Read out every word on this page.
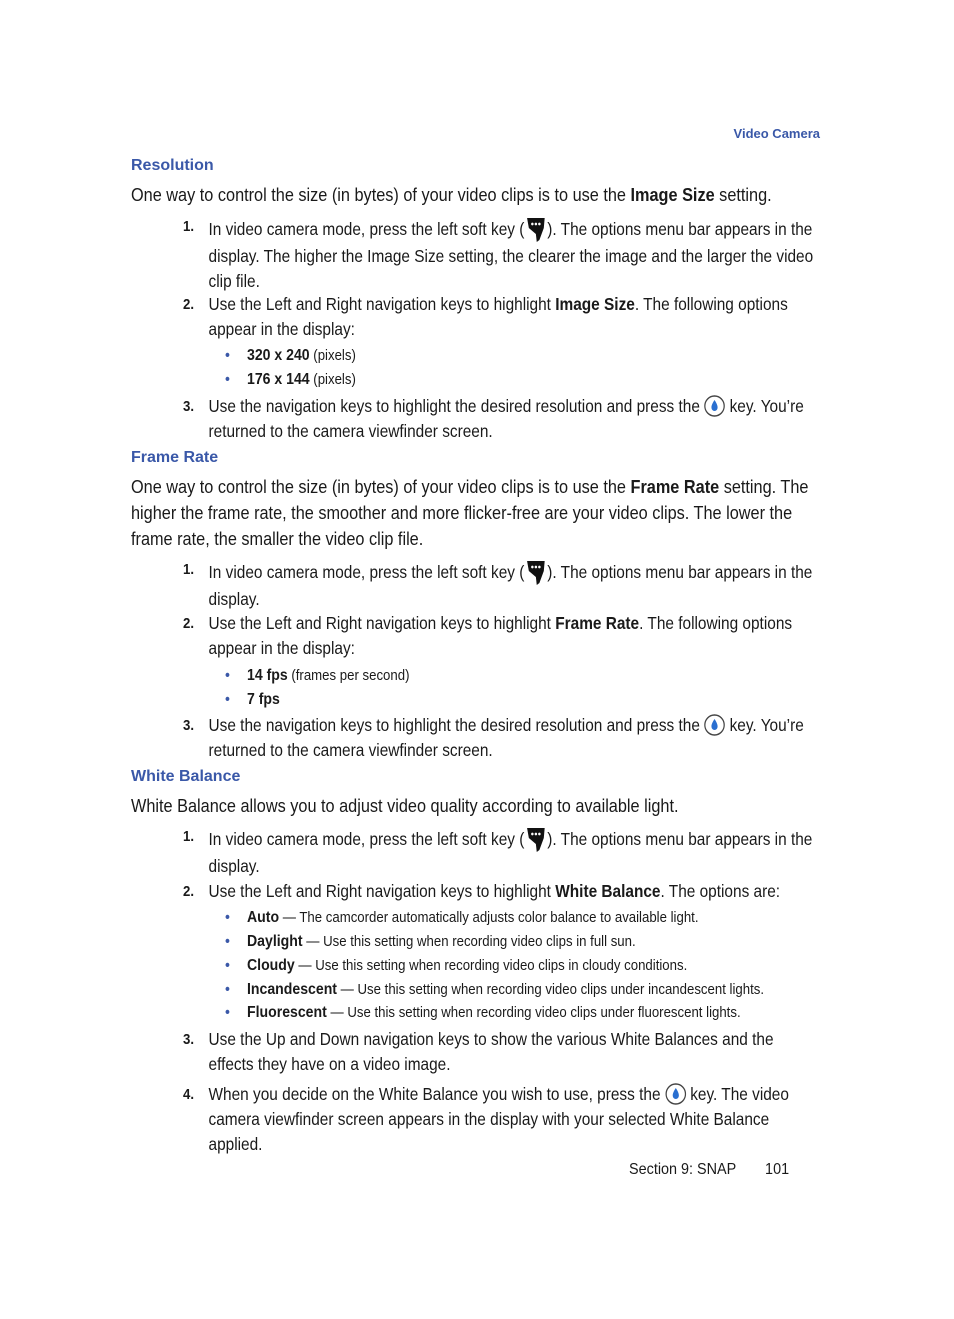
Video Camera
Resolution
One way to control the size (in bytes) of your video clips is to use the Image Size setting.
1. In video camera mode, press the left soft key ( ). The options menu bar appears in the display. The higher the Image Size setting, the clearer the image and the larger the video clip file.
2. Use the Left and Right navigation keys to highlight Image Size. The following options appear in the display:
• 320 x 240 (pixels)
• 176 x 144 (pixels)
3. Use the navigation keys to highlight the desired resolution and press the  key. You’re returned to the camera viewfinder screen.
Frame Rate
One way to control the size (in bytes) of your video clips is to use the Frame Rate setting. The higher the frame rate, the smoother and more flicker-free are your video clips. The lower the frame rate, the smaller the video clip file.
1. In video camera mode, press the left soft key ( ). The options menu bar appears in the display.
2. Use the Left and Right navigation keys to highlight Frame Rate. The following options appear in the display:
• 14 fps (frames per second)
• 7 fps
3. Use the navigation keys to highlight the desired resolution and press the  key. You’re returned to the camera viewfinder screen.
White Balance
White Balance allows you to adjust video quality according to available light.
1. In video camera mode, press the left soft key ( ). The options menu bar appears in the display.
2. Use the Left and Right navigation keys to highlight White Balance. The options are:
• Auto — The camcorder automatically adjusts color balance to available light.
• Daylight — Use this setting when recording video clips in full sun.
• Cloudy — Use this setting when recording video clips in cloudy conditions.
• Incandescent — Use this setting when recording video clips under incandescent lights.
• Fluorescent — Use this setting when recording video clips under fluorescent lights.
3. Use the Up and Down navigation keys to show the various White Balances and the effects they have on a video image.
4. When you decide on the White Balance you wish to use, press the  key. The video camera viewfinder screen appears in the display with your selected White Balance applied.
Section 9: SNAP 101
